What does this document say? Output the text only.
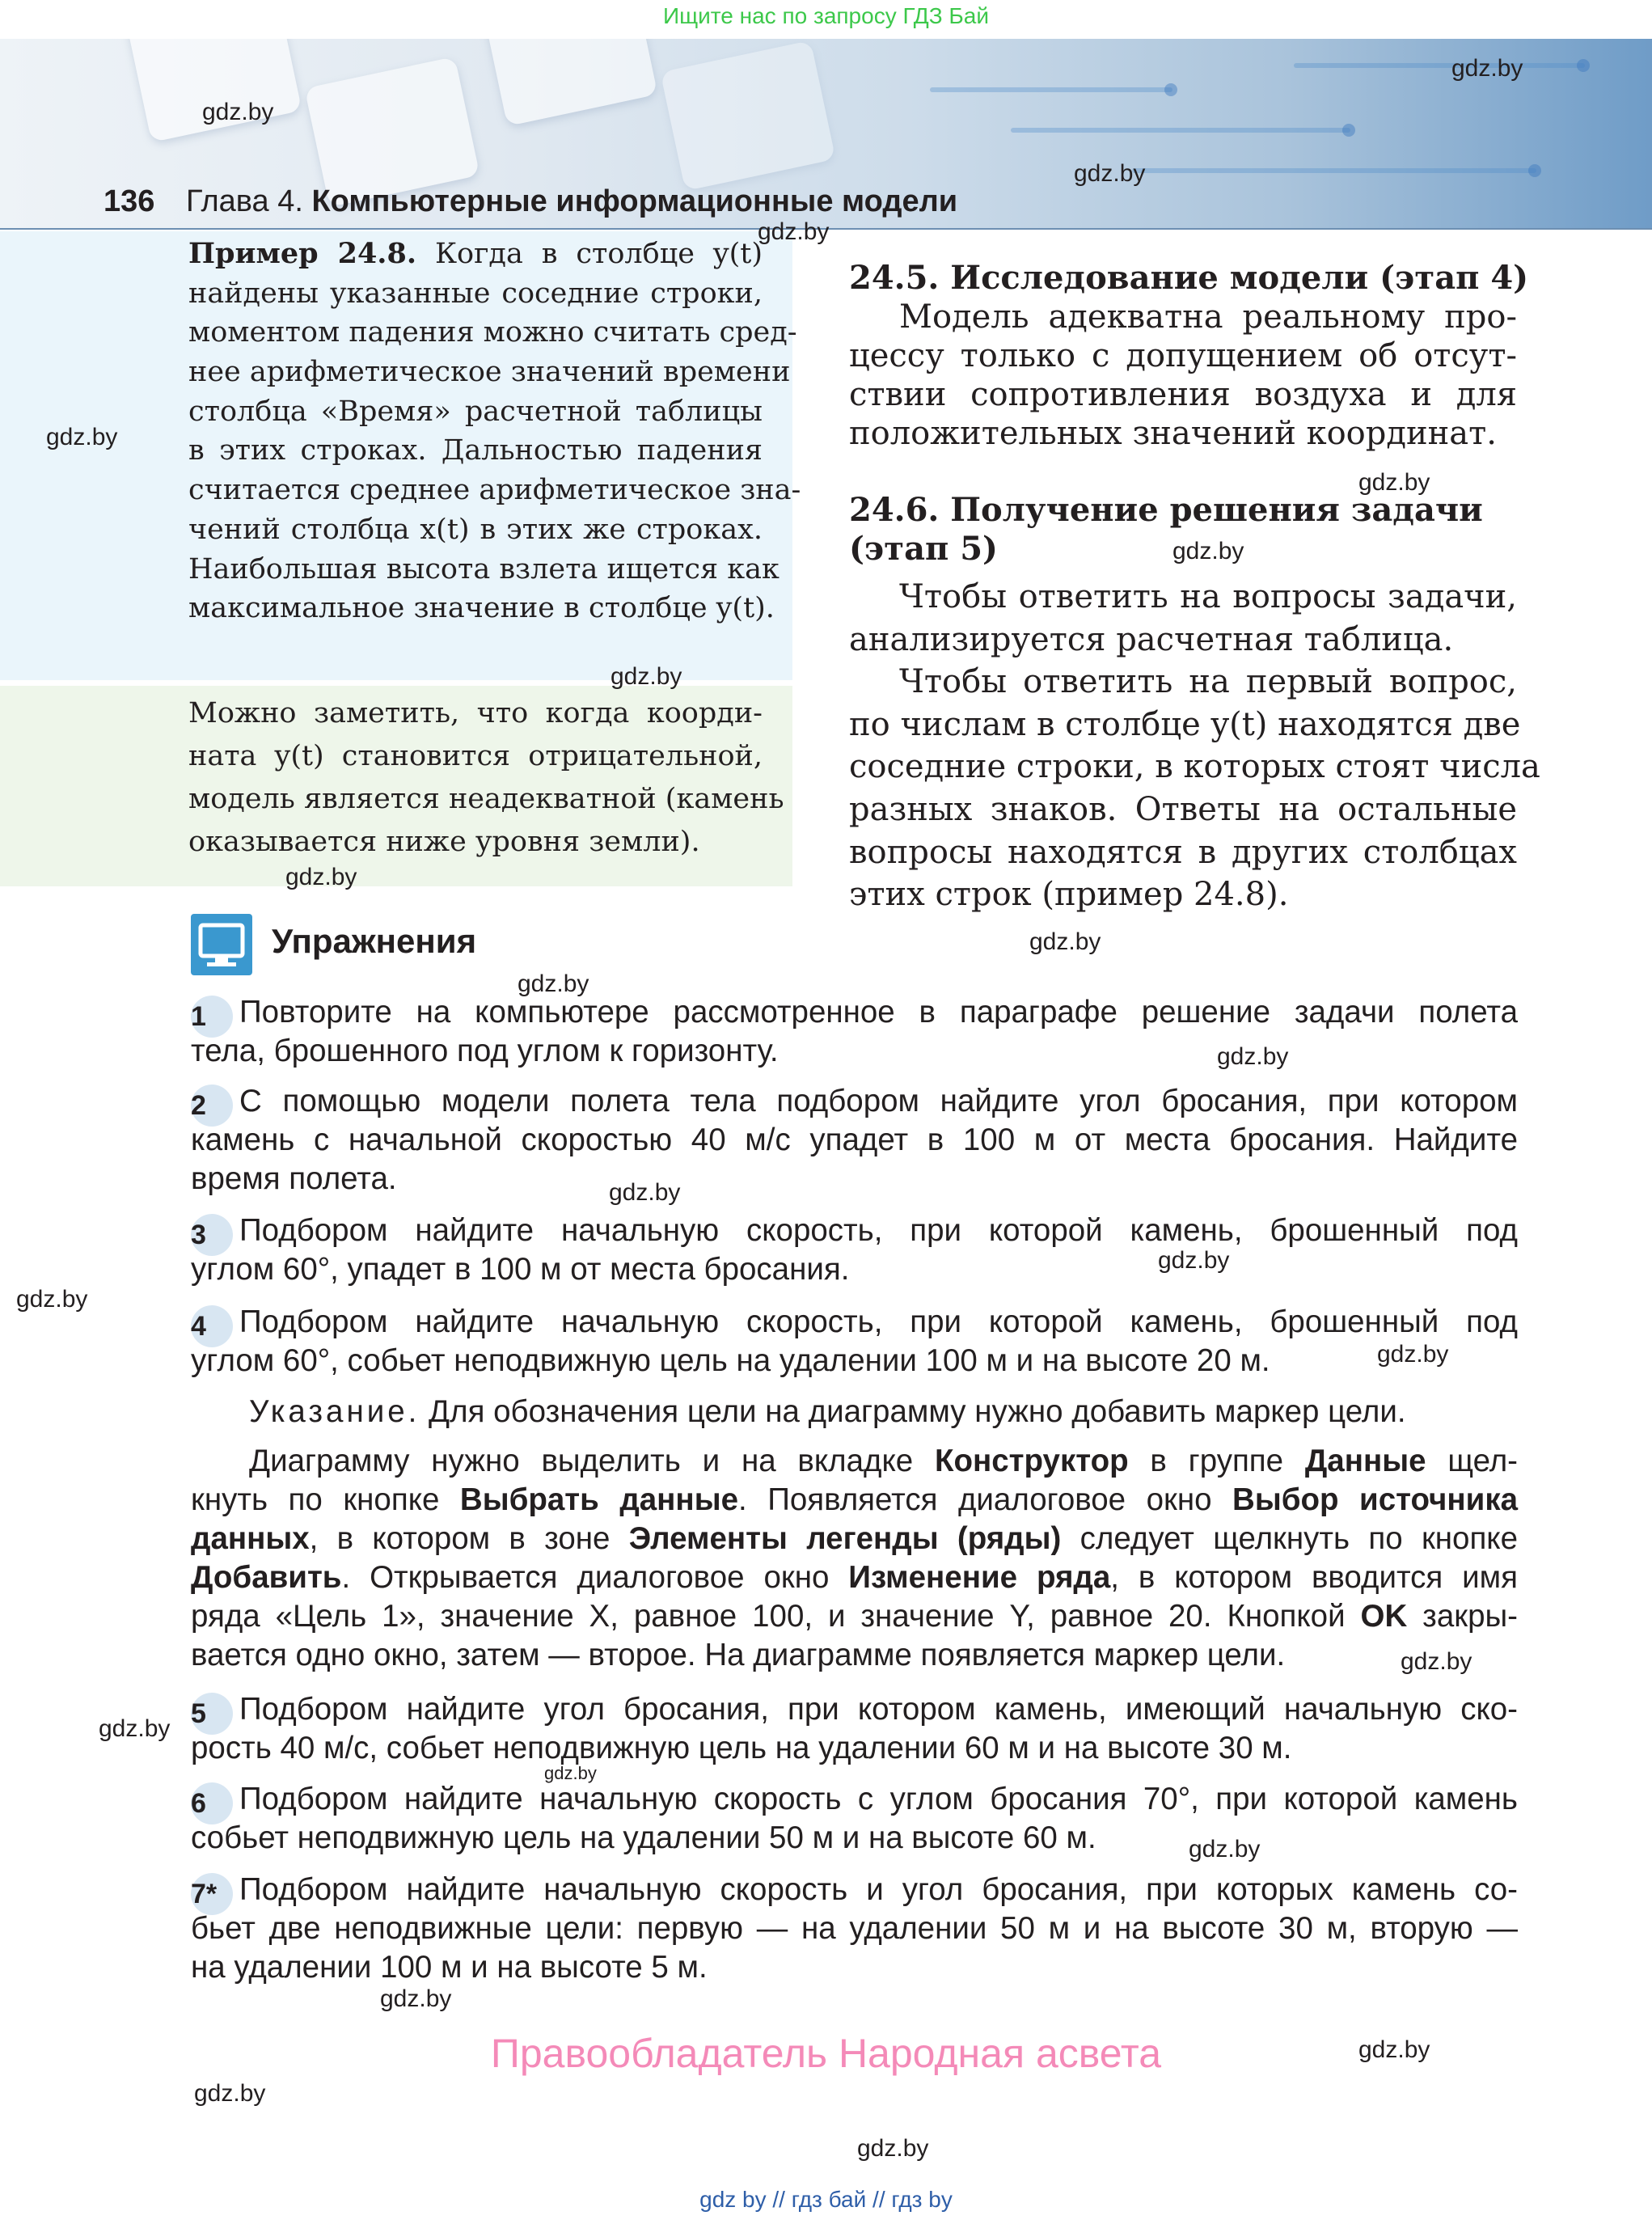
Ищите нас по запросу ГДЗ Бай
136 Глава 4. Компьютерные информационные модели
Пример 24.8. Когда в столбце y(t)
найдены указанные соседние строки,
моментом падения можно считать сред-
нее арифметическое значений времени
столбца «Время» расчетной таблицы
в этих строках. Дальностью падения
считается среднее арифметическое зна-
чений столбца x(t) в этих же строках.
Наибольшая высота взлета ищется как
максимальное значение в столбце y(t).
Можно заметить, что когда коорди-
ната y(t) становится отрицательной,
модель является неадекватной (камень
оказывается ниже уровня земли).
24.5. Исследование модели (этап 4)
Модель адекватна реальному про-
цессу только с допущением об отсут-
ствии сопротивления воздуха и для
положительных значений координат.
24.6. Получение решения задачи
(этап 5)
Чтобы ответить на вопросы задачи,
анализируется расчетная таблица.
Чтобы ответить на первый вопрос,
по числам в столбце y(t) находятся две
соседние строки, в которых стоят числа
разных знаков. Ответы на остальные
вопросы находятся в других столбцах
этих строк (пример 24.8).
Упражнения
1 Повторите на компьютере рассмотренное в параграфе решение задачи полета
тела, брошенного под углом к горизонту.
2 С помощью модели полета тела подбором найдите угол бросания, при котором
камень с начальной скоростью 40 м/с упадет в 100 м от места бросания. Найдите
время полета.
3 Подбором найдите начальную скорость, при которой камень, брошенный под
углом 60°, упадет в 100 м от места бросания.
4 Подбором найдите начальную скорость, при которой камень, брошенный под
углом 60°, собьет неподвижную цель на удалении 100 м и на высоте 20 м.
Указание. Для обозначения цели на диаграмму нужно добавить маркер цели.
Диаграмму нужно выделить и на вкладке Конструктор в группе Данные щел-
кнуть по кнопке Выбрать данные. Появляется диалоговое окно Выбор источника
данных, в котором в зоне Элементы легенды (ряды) следует щелкнуть по кнопке
Добавить. Открывается диалоговое окно Изменение ряда, в котором вводится имя
ряда «Цель 1», значение X, равное 100, и значение Y, равное 20. Кнопкой OK закры-
вается одно окно, затем — второе. На диаграмме появляется маркер цели.
5 Подбором найдите угол бросания, при котором камень, имеющий начальную ско-
рость 40 м/с, собьет неподвижную цель на удалении 60 м и на высоте 30 м.
6 Подбором найдите начальную скорость с углом бросания 70°, при которой камень
собьет неподвижную цель на удалении 50 м и на высоте 60 м.
7* Подбором найдите начальную скорость и угол бросания, при которых камень со-
бьет две неподвижные цели: первую — на удалении 50 м и на высоте 30 м, вторую —
на удалении 100 м и на высоте 5 м.
Правообладатель Народная асвета
gdz by // гдз бай // гдз by
gdz.by
gdz.by
gdz.by
gdz.by
gdz.by
gdz.by
gdz.by
gdz.by
gdz.by
gdz.by
gdz.by
gdz.by
gdz.by
gdz.by
gdz.by
gdz.by
gdz.by
gdz.by
gdz.by
gdz.by
gdz.by
gdz.by
gdz.by
gdz.by
